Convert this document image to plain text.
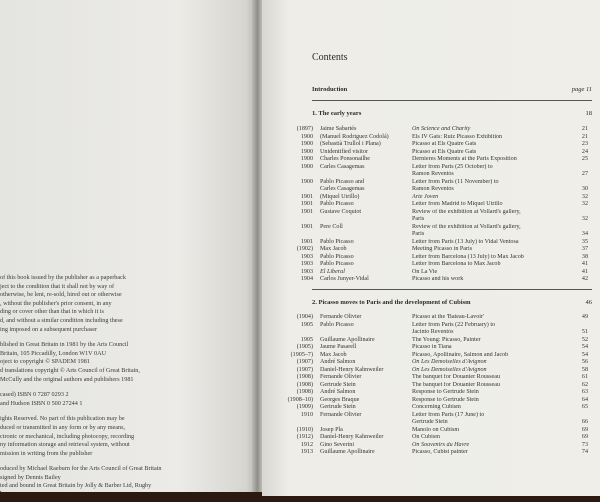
of this book issued by the publisher as a paperback
ject to the condition that it shall not by way of
otherwise, be lent, re-sold, hired out or otherwise
, without the publisher's prior consent, in any
ding or cover other than that in which it is
d, and without a similar condition including these
ing imposed on a subsequent purchaser
blished in Great Britain in 1981 by the Arts Council
Britain, 105 Piccadilly, London W1V 0AU
oject to copyright © SPADEM 1981
d translations copyright © Arts Council of Great Britain,
McCully and the original authors and publishers 1981
cased) ISBN 0 7287 0293 2
and Hudson ISBN 0 500 27244 1
ights Reserved. No part of this publication may be
duced or transmitted in any form or by any means,
ctronic or mechanical, including photocopy, recording
ny information storage and retrieval system, without
mission in writing from the publisher
oduced by Michael Raeburn for the Arts Council of Great Britain
signed by Dennis Bailey
ted and bound in Great Britain by Jolly & Barber Ltd, Rugby
Contents
Introduction	page 11
1. The early years	18
(1897) Jaime Sabartés	On Science and Charity	21
1900 (Manuel Rodriguez Codolá)	Els IV Gats: Ruiz Picasso Exhibition	21
1900 (Sebastià Trullol i Plana)	Picasso at Els Quatre Gats	23
1900 Unidentified visitor	Picasso at Els Quatre Gats	24
1900 Charles Ponsonailhe	Dernieres Moments at the Paris Exposition	25
1900 Carles Casagemas	Letter from Paris (25 October) to
Ramon Reventós	27
1900 Pablo Picasso and	Letter from Paris (11 November) to
Carles Casagemas	Ramon Reventós	30
1901 (Miquel Utrillo)	Arte Joven	32
1901 Pablo Picasso	Letter from Madrid to Miquel Utrillo	32
1901 Gustave Coquiot	Review of the exhibition at Vollard's gallery,
Paris	32
1901 Pere Coll	Review of the exhibition at Vollard's gallery,
Paris	34
1901 Pablo Picasso	Letter from Paris (13 July) to Vidal Ventosa	35
(1902) Max Jacob	Meeting Picasso in Paris	37
1903 Pablo Picasso	Letter from Barcelona (13 July) to Max Jacob	38
1903 Pablo Picasso	Letter from Barcelona to Max Jacob	41
1903 El Liberal	On La Vie	41
1904 Carlos Junyer-Vidal	Picasso and his work	42
2. Picasso moves to Paris and the development of Cubism	46
(1904) Fernande Olivier	Picasso at the 'Bateau-Lavoir'	49
1905 Pablo Picasso	Letter from Paris (22 February) to
Jacinto Reventós	51
1905 Guillaume Apollinaire	The Young: Picasso, Painter	52
(1905) Jaume Pasarell	Picasso in Tiana	54
(1905–7) Max Jacob	Picasso, Apollinaire, Salmon and Jacob	54
(1907) André Salmon	On Les Demoiselles d'Avignon	56
(1907) Daniel-Henry Kahnweiler	On Les Demoiselles d'Avignon	58
(1908) Fernande Olivier	The banquet for Douanier Rousseau	61
(1908) Gertrude Stein	The banquet for Douanier Rousseau	62
(1908) André Salmon	Response to Gertrude Stein	63
(1908–10) Georges Braque	Response to Gertrude Stein	64
(1909) Gertrude Stein	Concerning Cubism	65
1910 Fernande Olivier	Letter from Paris (17 June) to
Gertrude Stein	66
(1910) Josep Pla	Manolo on Cubism	69
(1912) Daniel-Henry Kahnweiler	On Cubism	69
1912 Gino Severini	On Souvenirs du Havre	73
1913 Guillaume Apollinaire	Picasso, Cubist painter	74
